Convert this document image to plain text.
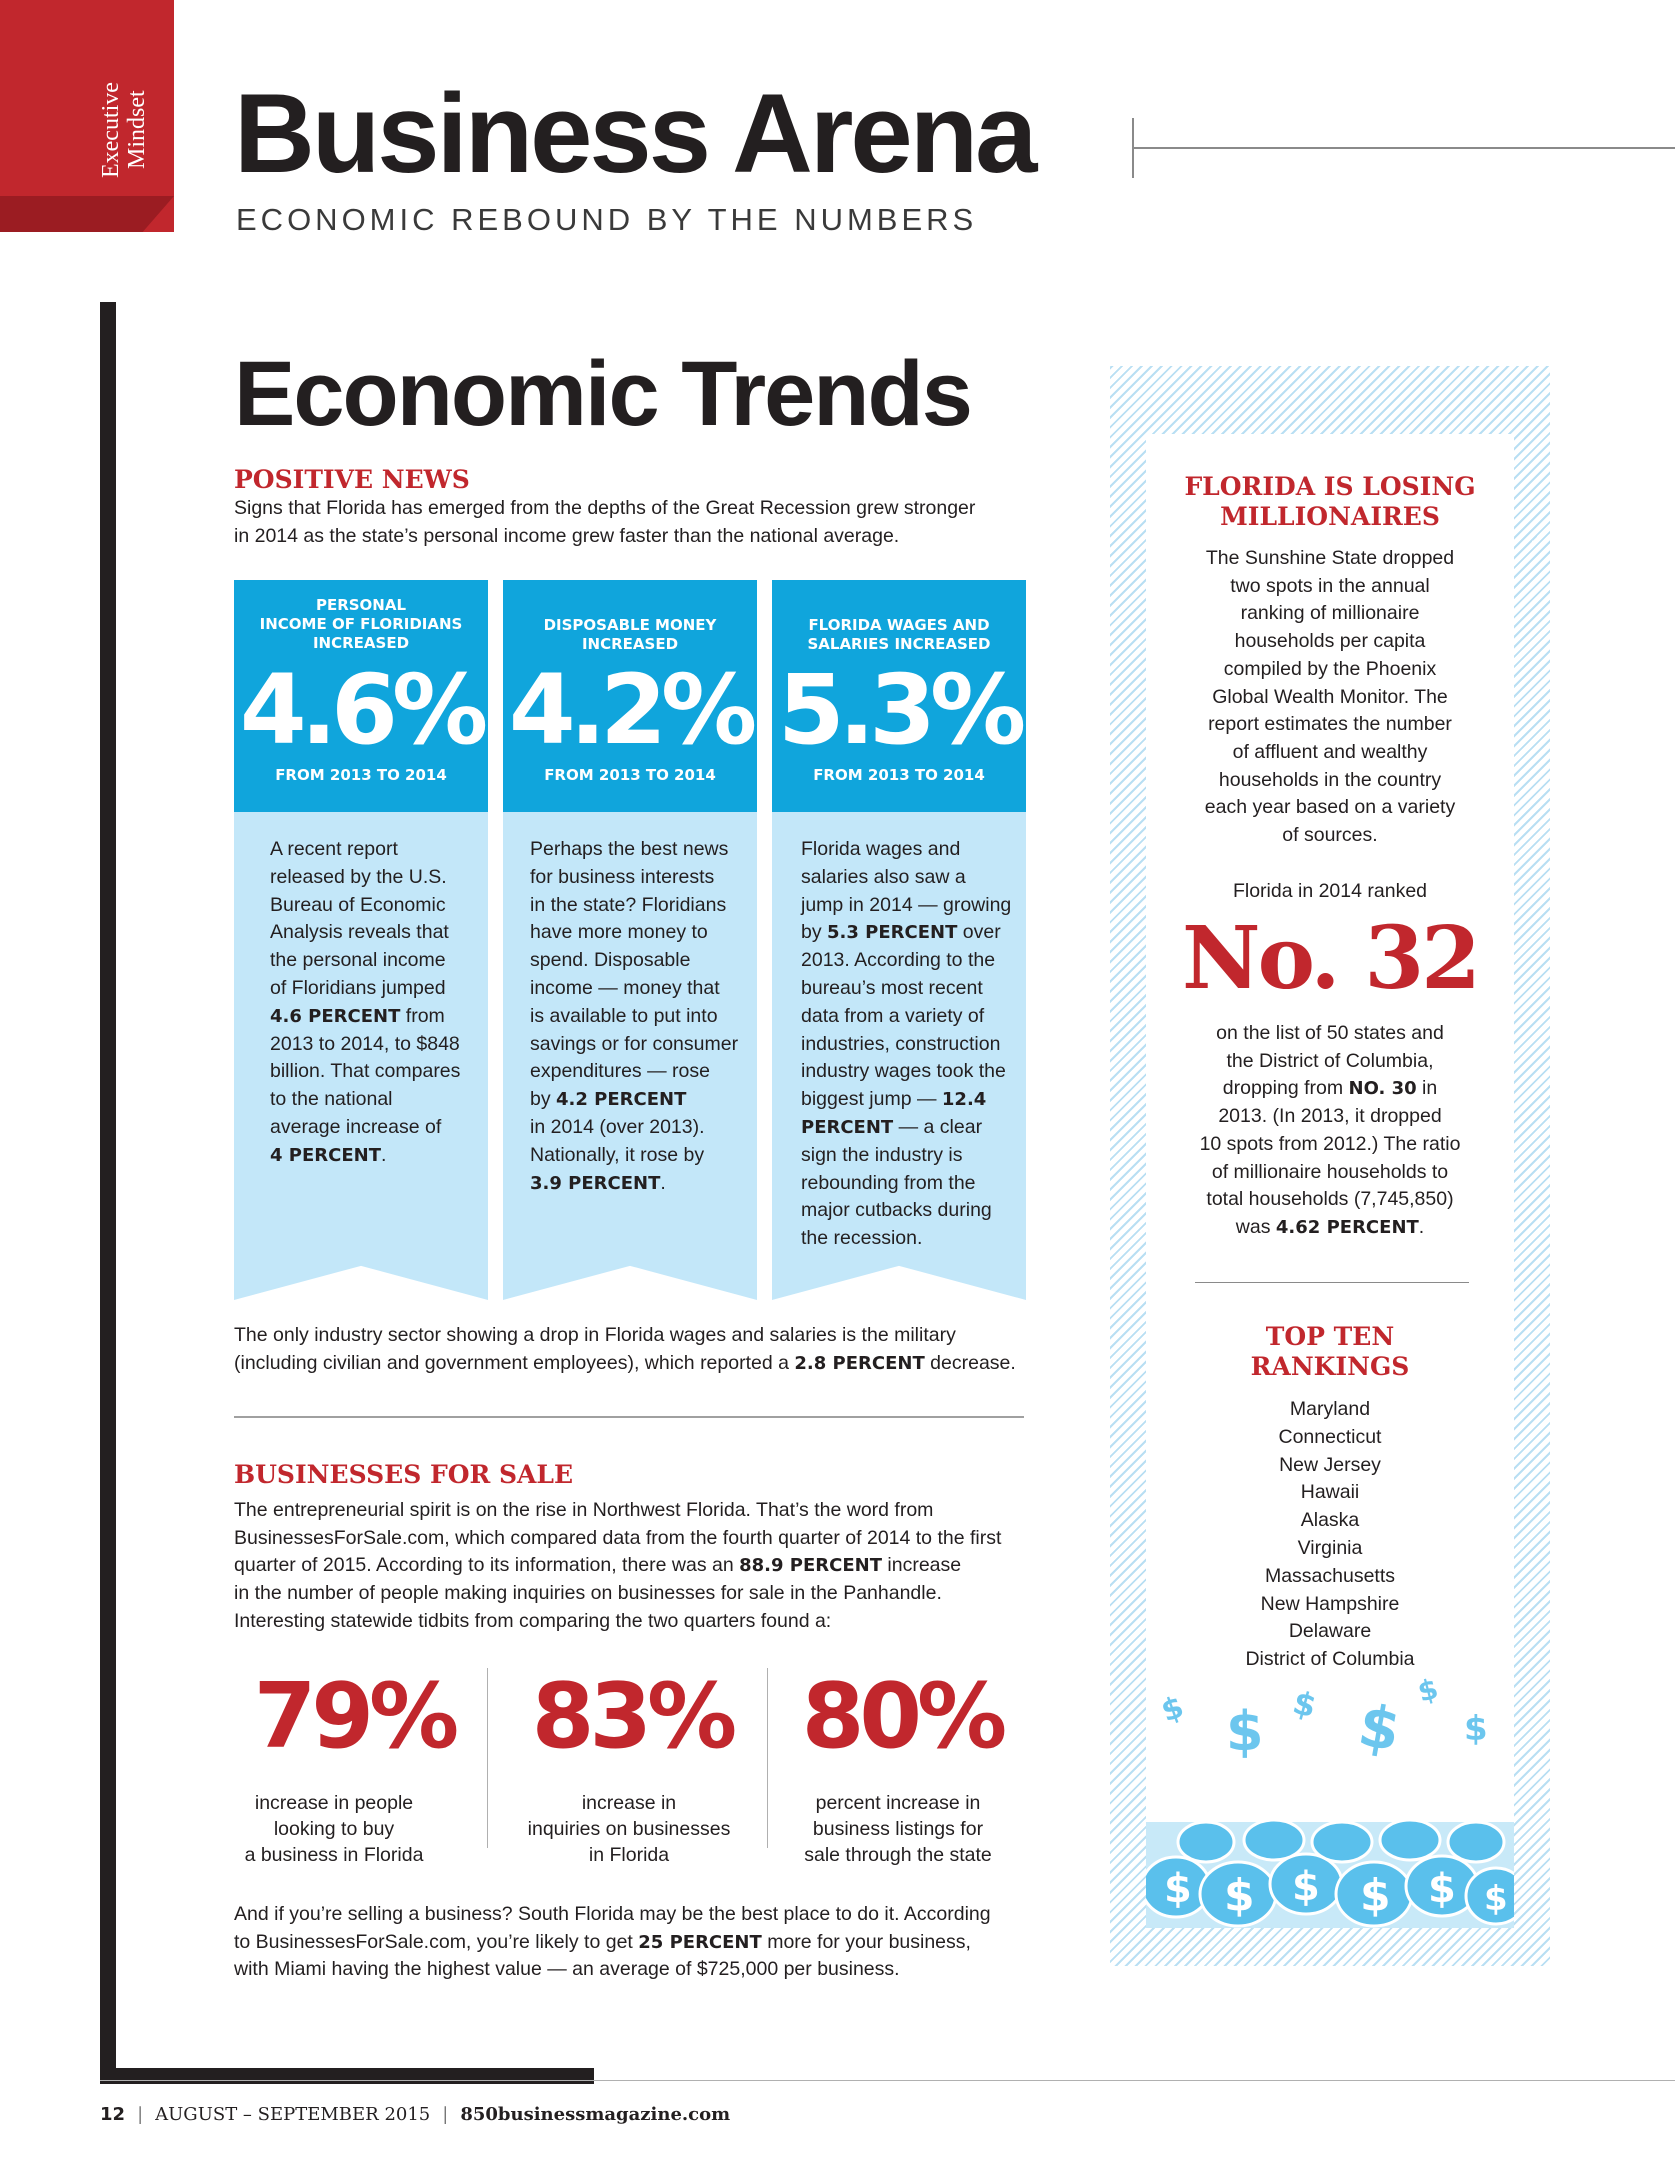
Executive Mindset Business Arena
ECONOMIC REBOUND BY THE NUMBERS
Economic Trends
POSITIVE NEWS
Signs that Florida has emerged from the depths of the Great Recession grew stronger
in 2014 as the state’s personal income grew faster than the national average.
PERSONAL
INCOME OF FLORIDIANS
INCREASED
4.6%
FROM 2013 TO 2014
A recent report
released by the U.S.
Bureau of Economic
Analysis reveals that
the personal income
of Floridians jumped
4.6 PERCENT from
2013 to 2014, to $848
billion. That compares
to the national
average increase of
4 PERCENT.
DISPOSABLE MONEY
INCREASED
4.2%
FROM 2013 TO 2014
Perhaps the best news
for business interests
in the state? Floridians
have more money to
spend. Disposable
income — money that
is available to put into
savings or for consumer
expenditures — rose
by 4.2 PERCENT
in 2014 (over 2013).
Nationally, it rose by
3.9 PERCENT.
FLORIDA WAGES AND
SALARIES INCREASED
5.3%
FROM 2013 TO 2014
Florida wages and
salaries also saw a
jump in 2014 — growing
by 5.3 PERCENT over
2013. According to the
bureau’s most recent
data from a variety of
industries, construction
industry wages took the
biggest jump — 12.4
PERCENT — a clear
sign the industry is
rebounding from the
major cutbacks during
the recession.
The only industry sector showing a drop in Florida wages and salaries is the military
(including civilian and government employees), which reported a 2.8 PERCENT decrease.
BUSINESSES FOR SALE
The entrepreneurial spirit is on the rise in Northwest Florida. That’s the word from
BusinessesForSale.com, which compared data from the fourth quarter of 2014 to the first
quarter of 2015. According to its information, there was an 88.9 PERCENT increase
in the number of people making inquiries on businesses for sale in the Panhandle.
Interesting statewide tidbits from comparing the two quarters found a:
79%
increase in people
looking to buy
a business in Florida
83%
increase in
inquiries on businesses
in Florida
80%
percent increase in
business listings for
sale through the state
And if you’re selling a business? South Florida may be the best place to do it. According
to BusinessesForSale.com, you’re likely to get 25 PERCENT more for your business,
with Miami having the highest value — an average of $725,000 per business.
FLORIDA IS LOSING
MILLIONAIRES
The Sunshine State dropped
two spots in the annual
ranking of millionaire
households per capita
compiled by the Phoenix
Global Wealth Monitor. The
report estimates the number
of affluent and wealthy
households in the country
each year based on a variety
of sources.
Florida in 2014 ranked
No. 32
on the list of 50 states and
the District of Columbia,
dropping from NO. 30 in
2013. (In 2013, it dropped
10 spots from 2012.) The ratio
of millionaire households to
total households (7,745,850)
was 4.62 PERCENT.
TOP TEN
RANKINGS
Maryland
Connecticut
New Jersey
Hawaii
Alaska
Virginia
Massachusetts
New Hampshire
Delaware
District of Columbia
$ $ $ $
$
$
$ $ $ $ $ $
12 | AUGUST – SEPTEMBER 2015 | 850businessmagazine.com
